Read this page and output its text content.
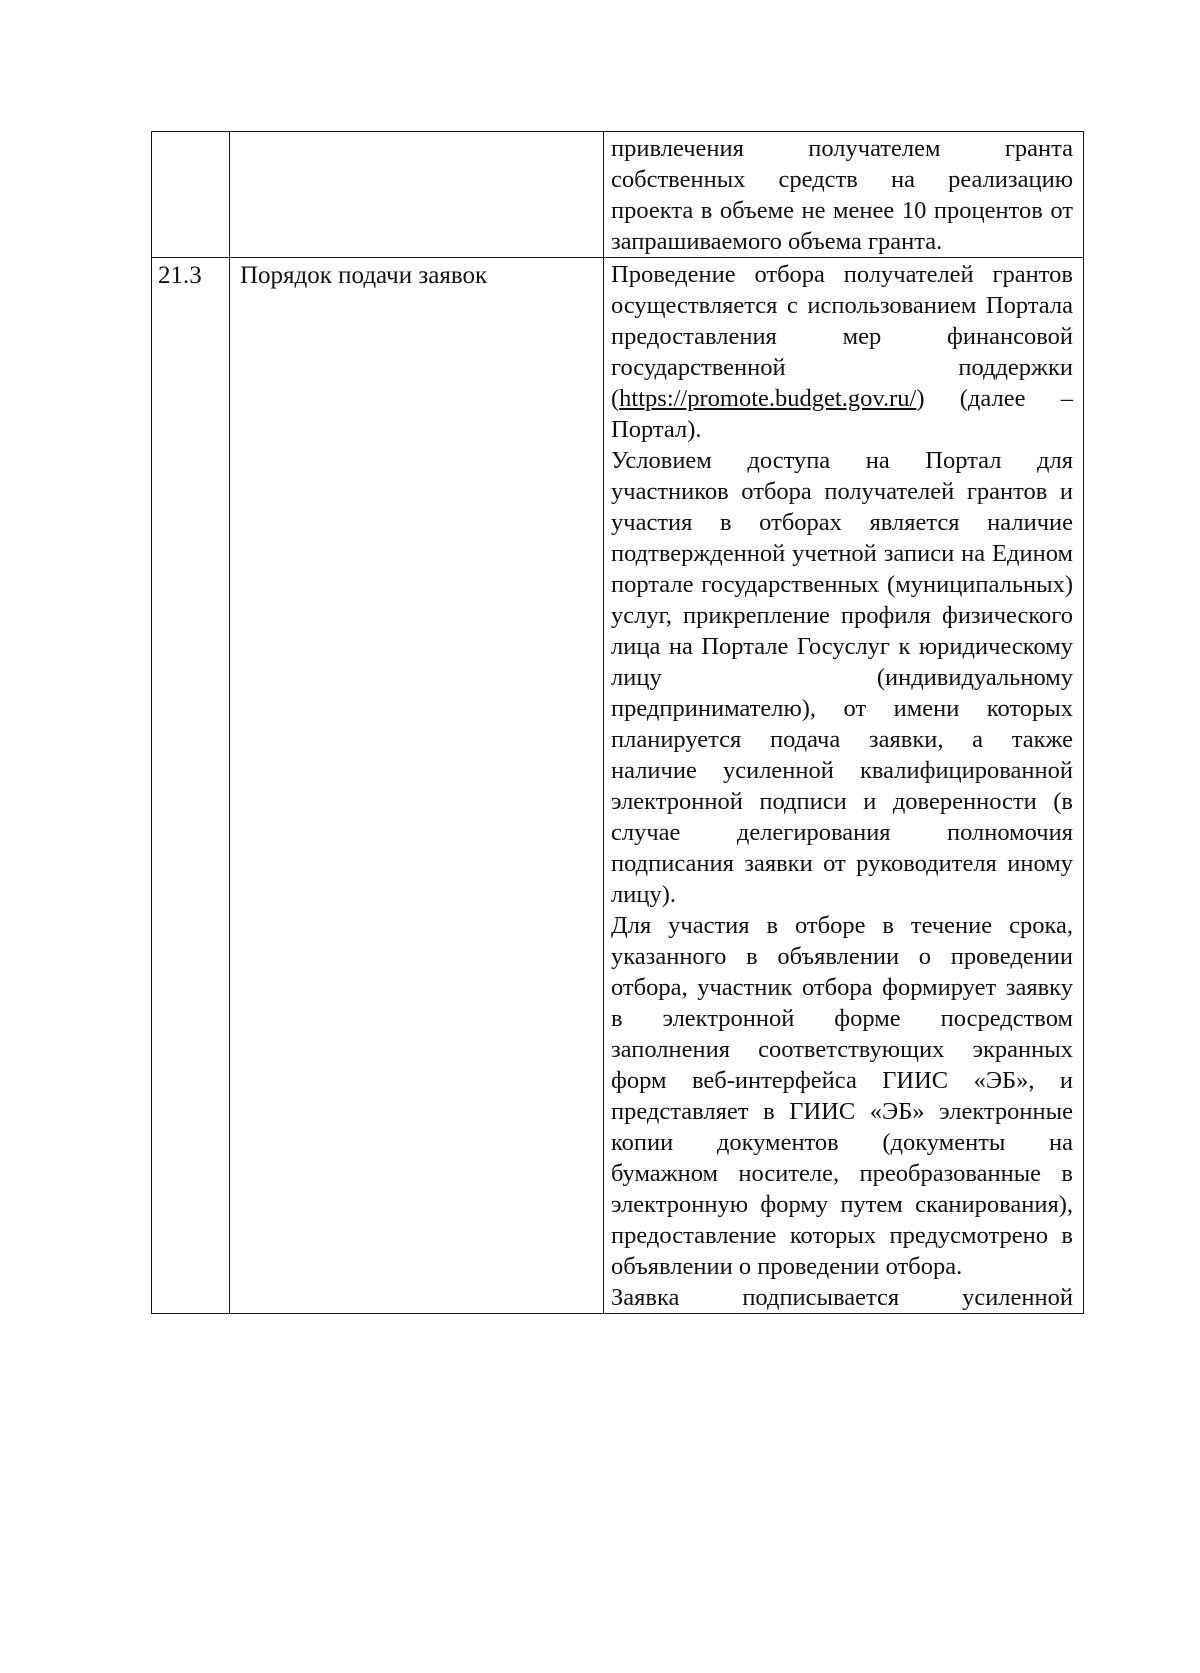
		привлечения получателем гранта собственных средств на реализацию проекта в объеме не менее 10 процентов от запрашиваемого объема гранта.

21.3	Порядок подачи заявок	Проведение отбора получателей грантов осуществляется с использованием Портала предоставления мер финансовой государственной поддержки (https://promote.budget.gov.ru/) (далее – Портал).

Условием доступа на Портал для участников отбора получателей грантов и участия в отборах является наличие подтвержденной учетной записи на Едином портале государственных (муниципальных) услуг, прикрепление профиля физического лица на Портале Госуслуг к юридическому лицу (индивидуальному предпринимателю), от имени которых планируется подача заявки, а также наличие усиленной квалифицированной электронной подписи и доверенности (в случае делегирования полномочия подписания заявки от руководителя иному лицу).

Для участия в отборе в течение срока, указанного в объявлении о проведении отбора, участник отбора формирует заявку в электронной форме посредством заполнения соответствующих экранных форм веб-интерфейса ГИИС «ЭБ», и представляет в ГИИС «ЭБ» электронные копии документов (документы на бумажном носителе, преобразованные в электронную форму путем сканирования), предоставление которых предусмотрено в объявлении о проведении отбора.

Заявка подписывается усиленной
